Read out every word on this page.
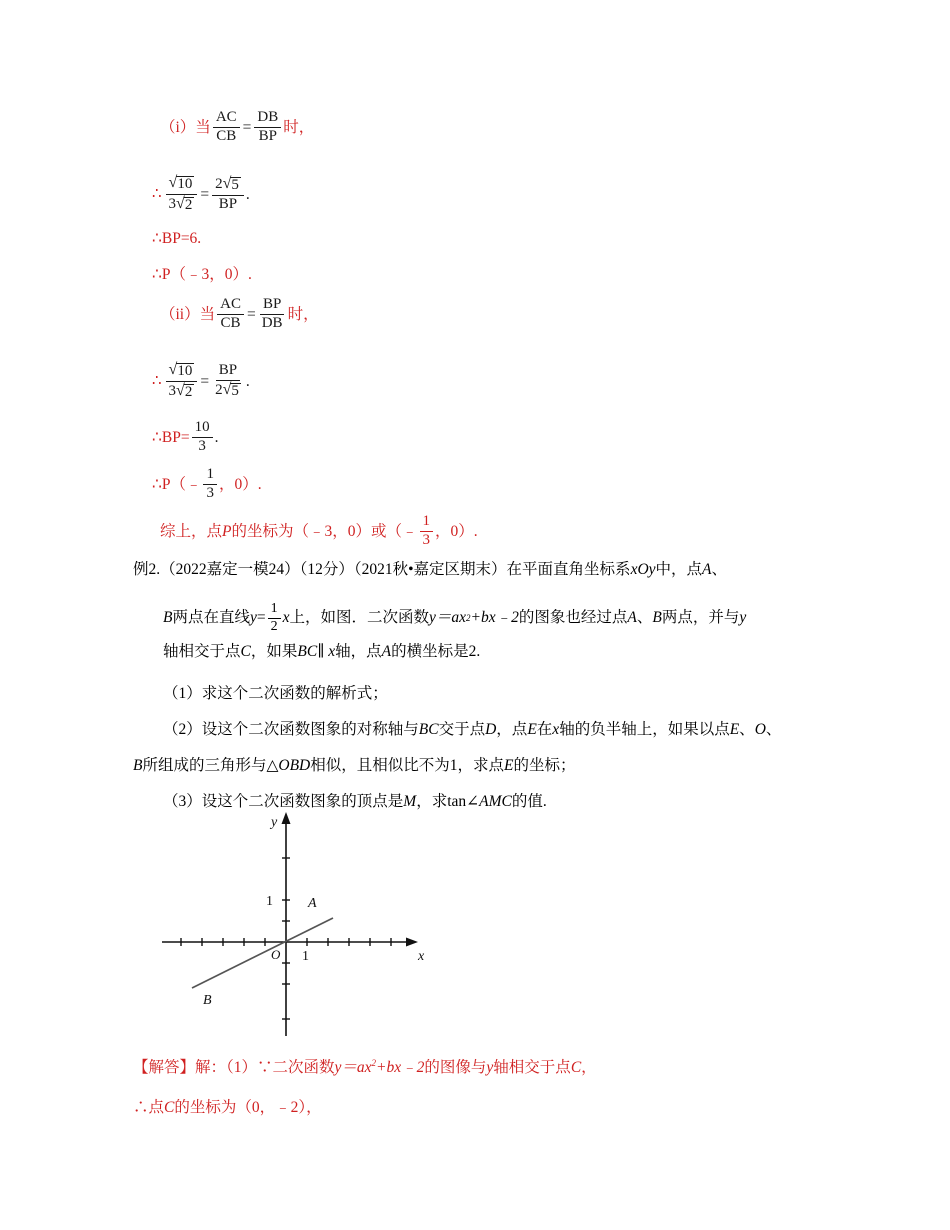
（i）当 $\frac{AC}{CB} = \frac{DB}{BP}$ 时，
∴ $\frac{√ 10}{3 √ 2} = \frac{2 √ 5}{BP}$ .
∴BP=6.
∴P（﹣3，0）.
（ii）当 $\frac{AC}{CB} = \frac{BP}{DB}$ 时，
∴ $\frac{√ 10}{3 √ 2} = \frac{BP}{2 √ 5}$ .
∴BP= $\frac{10}{3}$ .
∴P（﹣ $\frac{1}{3}$ ，0）.
综上，点 P 的坐标为（﹣3，0）或（﹣ $\frac{1}{3}$ ，0）.
例2.（2022嘉定一模24）（12分）（2021秋•嘉定区期末）在平面直角坐标系xOy中，点A、
B 两点在直线 $y = \frac{1}{2}$ x 上，如图．二次函数 y＝ax 2 +bx﹣2 的图象也经过点 A 、 B 两点，并与 y
轴相交于点C，如果BC∥ x轴，点A的横坐标是2.
（1）求这个二次函数的解析式；
（2）设这个二次函数图象的对称轴与BC交于点D，点E在x轴的负半轴上，如果以点E、O、
B所组成的三角形与△OBD相似，且相似比不为1，求点E的坐标；
（3）设这个二次函数图象的顶点是M，求tan∠AMC的值.
y
x
O 1
1	A
B
【解答】解：（1）∵二次函数$y=ax^2+bx﹣2$的图像与y轴相交于点C，
∴点C的坐标为（0，﹣2），
